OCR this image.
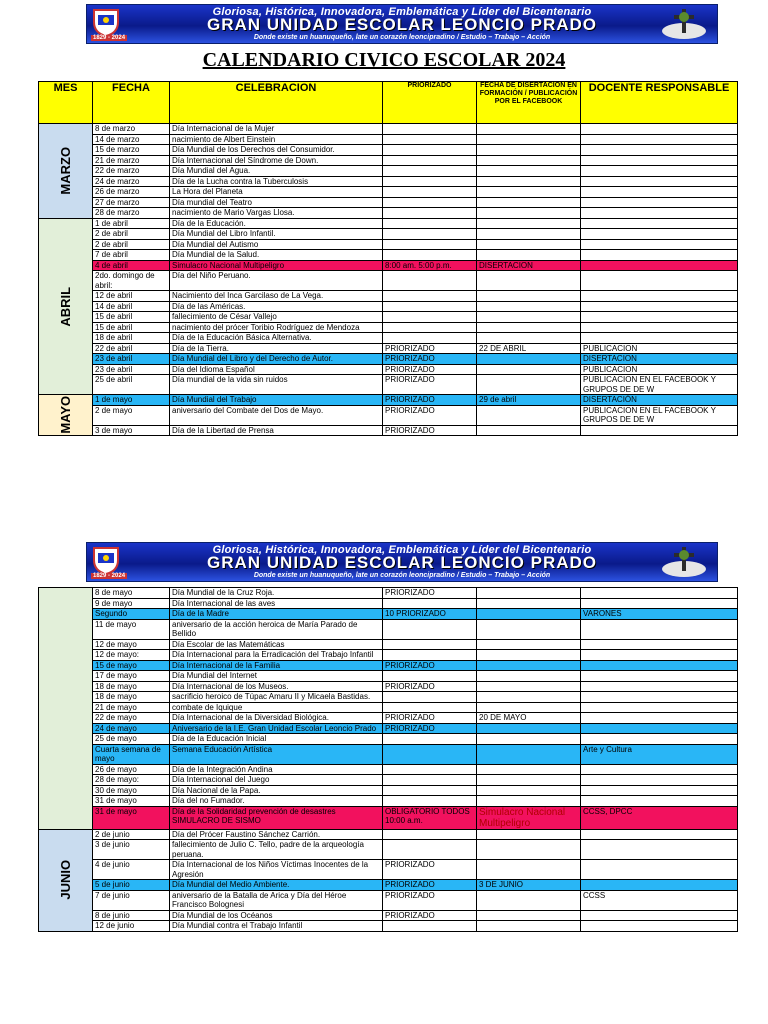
1829 - 2024
Gloriosa, Histórica, Innovadora, Emblemática y Líder del Bicentenario
GRAN UNIDAD ESCOLAR LEONCIO PRADO
Donde existe un huanuqueño, late un corazón leoncipradino / Estudio – Trabajo – Acción
CALENDARIO CIVICO ESCOLAR 2024
MES	FECHA	CELEBRACION	PRIORIZADO	FECHA DE DISERTACIÓN EN FORMACIÓN / PUBLICACIÓN POR EL FACEBOOK	DOCENTE RESPONSABLE

MARZO	8 de marzo	Día Internacional de la Mujer			
	14 de marzo	nacimiento de Albert Einstein			
	15 de marzo	Día Mundial de los Derechos del Consumidor.			
	21 de marzo	Día Internacional del Síndrome de Down.			
	22 de marzo	Día Mundial del Agua.			
	24 de marzo	Día de la Lucha contra la Tuberculosis			
	26 de marzo	La Hora del Planeta			
	27 de marzo	Día mundial del Teatro			
	28 de marzo	nacimiento de Mario Vargas Llosa.			

ABRIL	1 de abril	Día de la Educación.			
	2 de abril	Día Mundial del Libro Infantil.			
	2 de abril	Día Mundial del Autismo			
	7 de abril	Día Mundial de la Salud.			
	4 de abril	Simulacro Nacional Multipeligro	8:00 am. 5:00 p.m.	DISERTACION	
	2do. domingo de abril:	Día del Niño Peruano.			
	12 de abril	Nacimiento del Inca Garcilaso de La Vega.			
	14 de abril	Día de las Américas.			
	15 de abril	fallecimiento de César Vallejo			
	15 de abril	nacimiento del prócer Toribio Rodríguez de Mendoza			
	18 de abril	Día de la Educación Básica Alternativa.			
	22 de abril	Día de la Tierra.	PRIORIZADO	22 DE ABRIL	PUBLICACION
	23 de abril	Día Mundial del Libro y del Derecho de Autor.	PRIORIZADO		DISERTACION
	23 de abril	Día del Idioma Español	PRIORIZADO		PUBLICACION
	25 de abril	Día mundial de la vida sin ruidos	PRIORIZADO		PUBLICACION EN EL FACEBOOK Y GRUPOS DE DE W

MAYO	1 de mayo	Día Mundial del Trabajo	PRIORIZADO	29 de abril	DISERTACIÓN
	2 de mayo	aniversario del Combate del Dos de Mayo.	PRIORIZADO		PUBLICACION EN EL FACEBOOK Y GRUPOS DE DE W
	3 de mayo	Día de la Libertad de Prensa	PRIORIZADO		
1829 - 2024
Gloriosa, Histórica, Innovadora, Emblemática y Líder del Bicentenario
GRAN UNIDAD ESCOLAR LEONCIO PRADO
Donde existe un huanuqueño, late un corazón leoncipradino / Estudio – Trabajo – Acción
	8 de mayo	Día Mundial de la Cruz Roja.	PRIORIZADO		
	9 de mayo	Día Internacional de las aves			
	Segundo	Día de la Madre	10 PRIORIZADO		VARONES
	11 de mayo	aniversario de la acción heroica de María Parado de Bellido			
	12 de mayo	Día Escolar de las Matemáticas			
	12 de mayo:	Día Internacional para la Erradicación del Trabajo Infantil			
	15 de mayo	Día Internacional de la Familia	PRIORIZADO		
	17 de mayo	Día Mundial del Internet			
	18 de mayo	Día Internacional de los Museos.	PRIORIZADO		
	18 de mayo	sacrificio heroico de Túpac Amaru II y Micaela Bastidas.			
	21 de mayo	combate de Iquique			
	22 de mayo	Día Internacional de la Diversidad Biológica.	PRIORIZADO	20 DE MAYO	
	24 de mayo	Aniversario de la I.E. Gran Unidad Escolar Leoncio Prado	PRIORIZADO		
	25 de mayo	Día de la Educación Inicial			
	Cuarta semana de mayo	Semana Educación Artística			Arte y Cultura
	26 de mayo	Día de la Integración Andina			
	28 de mayo:	Día Internacional del Juego			
	30 de mayo	Día Nacional de la Papa.			
	31 de mayo	Día del no Fumador.			
	31 de mayo	Día de la Solidaridad prevención de desastres SIMULACRO DE SISMO	OBLIGATORIO TODOS 10:00 a.m.	Simulacro Nacional Multipeligro	CCSS, DPCC

JUNIO	2 de junio	Día del Prócer Faustino Sánchez Carrión.			
	3 de junio	fallecimiento de Julio C. Tello, padre de la arqueología peruana.			
	4 de junio	Día Internacional de los Niños Víctimas Inocentes de la Agresión	PRIORIZADO		
	5 de junio	Día Mundial del Medio Ambiente.	PRIORIZADO	3 DE JUNIO	
	7 de junio	aniversario de la Batalla de Arica y Día del Héroe Francisco Bolognesi	PRIORIZADO		CCSS
	8 de junio	Día Mundial de los Océanos	PRIORIZADO		
	12 de junio	Día Mundial contra el Trabajo Infantil			
